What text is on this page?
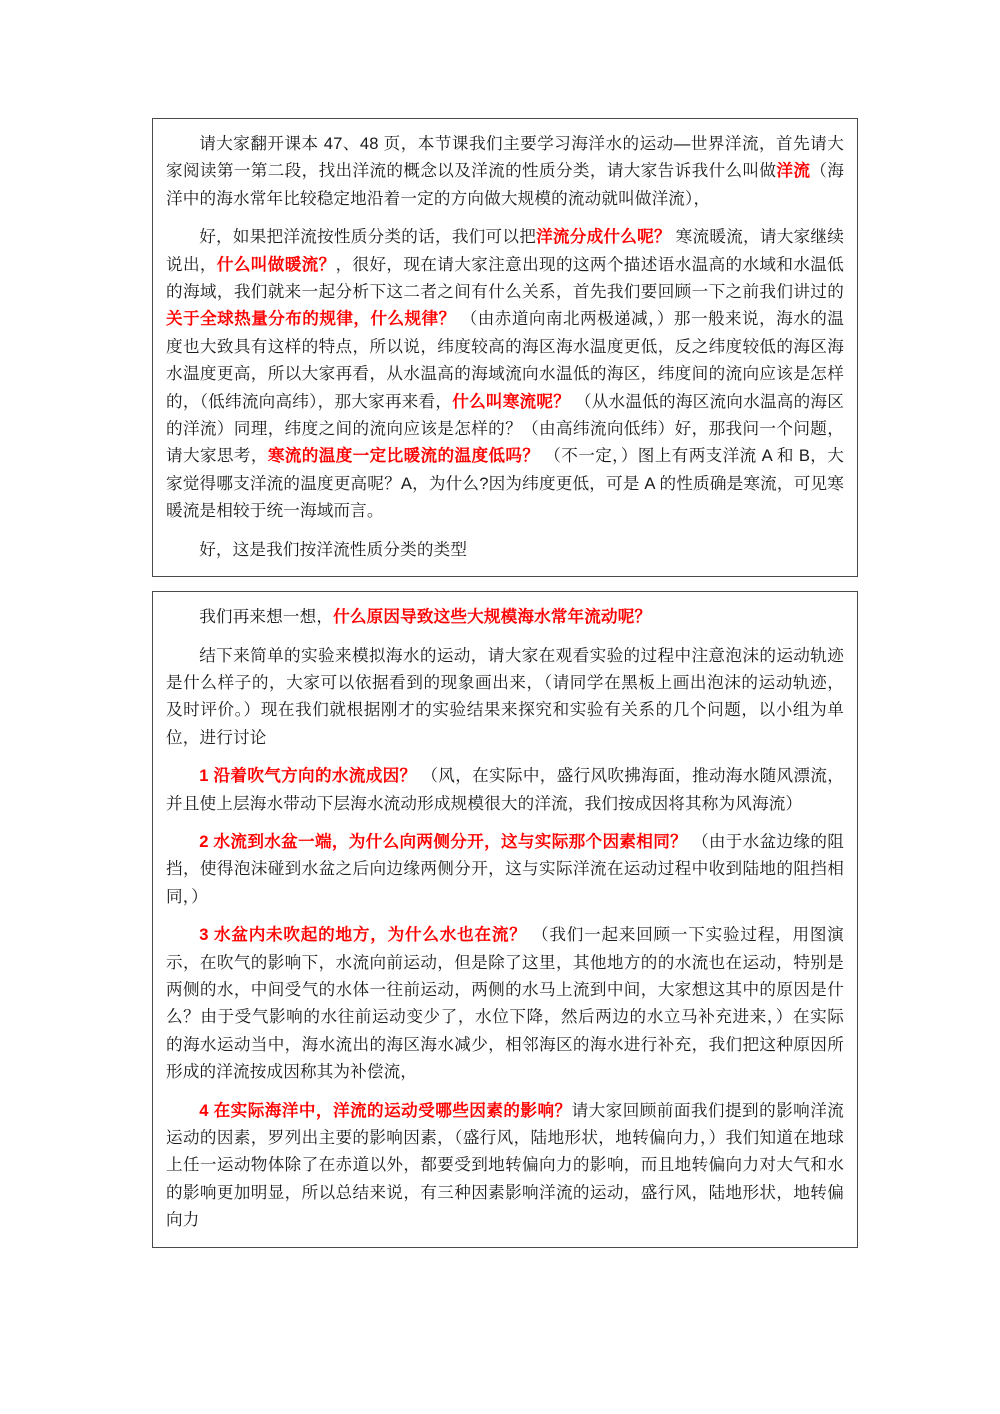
请大家翻开课本 47、48 页，本节课我们主要学习海洋水的运动—世界洋流，首先请大家阅读第一第二段，找出洋流的概念以及洋流的性质分类，请大家告诉我什么叫做洋流（海洋中的海水常年比较稳定地沿着一定的方向做大规模的流动就叫做洋流），

好，如果把洋流按性质分类的话，我们可以把洋流分成什么呢？ 寒流暖流，请大家继续说出，什么叫做暖流？，很好，现在请大家注意出现的这两个描述语水温高的水域和水温低的海域，我们就来一起分析下这二者之间有什么关系，首先我们要回顾一下之前我们讲过的关于全球热量分布的规律，什么规律？ （由赤道向南北两极递减，）那一般来说，海水的温度也大致具有这样的特点，所以说，纬度较高的海区海水温度更低，反之纬度较低的海区海水温度更高，所以大家再看，从水温高的海域流向水温低的海区，纬度间的流向应该是怎样的，（低纬流向高纬），那大家再来看，什么叫寒流呢？ （从水温低的海区流向水温高的海区的洋流）同理，纬度之间的流向应该是怎样的？（由高纬流向低纬）好，那我问一个问题，请大家思考，寒流的温度一定比暖流的温度低吗？ （不一定，）图上有两支洋流 A 和 B，大家觉得哪支洋流的温度更高呢？A，为什么?因为纬度更低，可是 A 的性质确是寒流，可见寒暖流是相较于统一海域而言。

好，这是我们按洋流性质分类的类型

我们再来想一想，什么原因导致这些大规模海水常年流动呢？

结下来简单的实验来模拟海水的运动，请大家在观看实验的过程中注意泡沫的运动轨迹是什么样子的，大家可以依据看到的现象画出来，（请同学在黑板上画出泡沫的运动轨迹，及时评价。）现在我们就根据刚才的实验结果来探究和实验有关系的几个问题，以小组为单位，进行讨论

1 沿着吹气方向的水流成因？ （风，在实际中，盛行风吹拂海面，推动海水随风漂流，并且使上层海水带动下层海水流动形成规模很大的洋流，我们按成因将其称为风海流）

2 水流到水盆一端，为什么向两侧分开，这与实际那个因素相同？ （由于水盆边缘的阻挡，使得泡沫碰到水盆之后向边缘两侧分开，这与实际洋流在运动过程中收到陆地的阻挡相同，）

3 水盆内未吹起的地方，为什么水也在流？ （我们一起来回顾一下实验过程，用图演示，在吹气的影响下，水流向前运动，但是除了这里，其他地方的的水流也在运动，特别是两侧的水，中间受气的水体一往前运动，两侧的水马上流到中间，大家想这其中的原因是什么？由于受气影响的水往前运动变少了，水位下降，然后两边的水立马补充进来，）在实际的海水运动当中，海水流出的海区海水减少，相邻海区的海水进行补充，我们把这种原因所形成的洋流按成因称其为补偿流，

4 在实际海洋中，洋流的运动受哪些因素的影响？请大家回顾前面我们提到的影响洋流运动的因素，罗列出主要的影响因素，（盛行风，陆地形状，地转偏向力，）我们知道在地球上任一运动物体除了在赤道以外，都要受到地转偏向力的影响，而且地转偏向力对大气和水的影响更加明显，所以总结来说，有三种因素影响洋流的运动，盛行风，陆地形状，地转偏向力
